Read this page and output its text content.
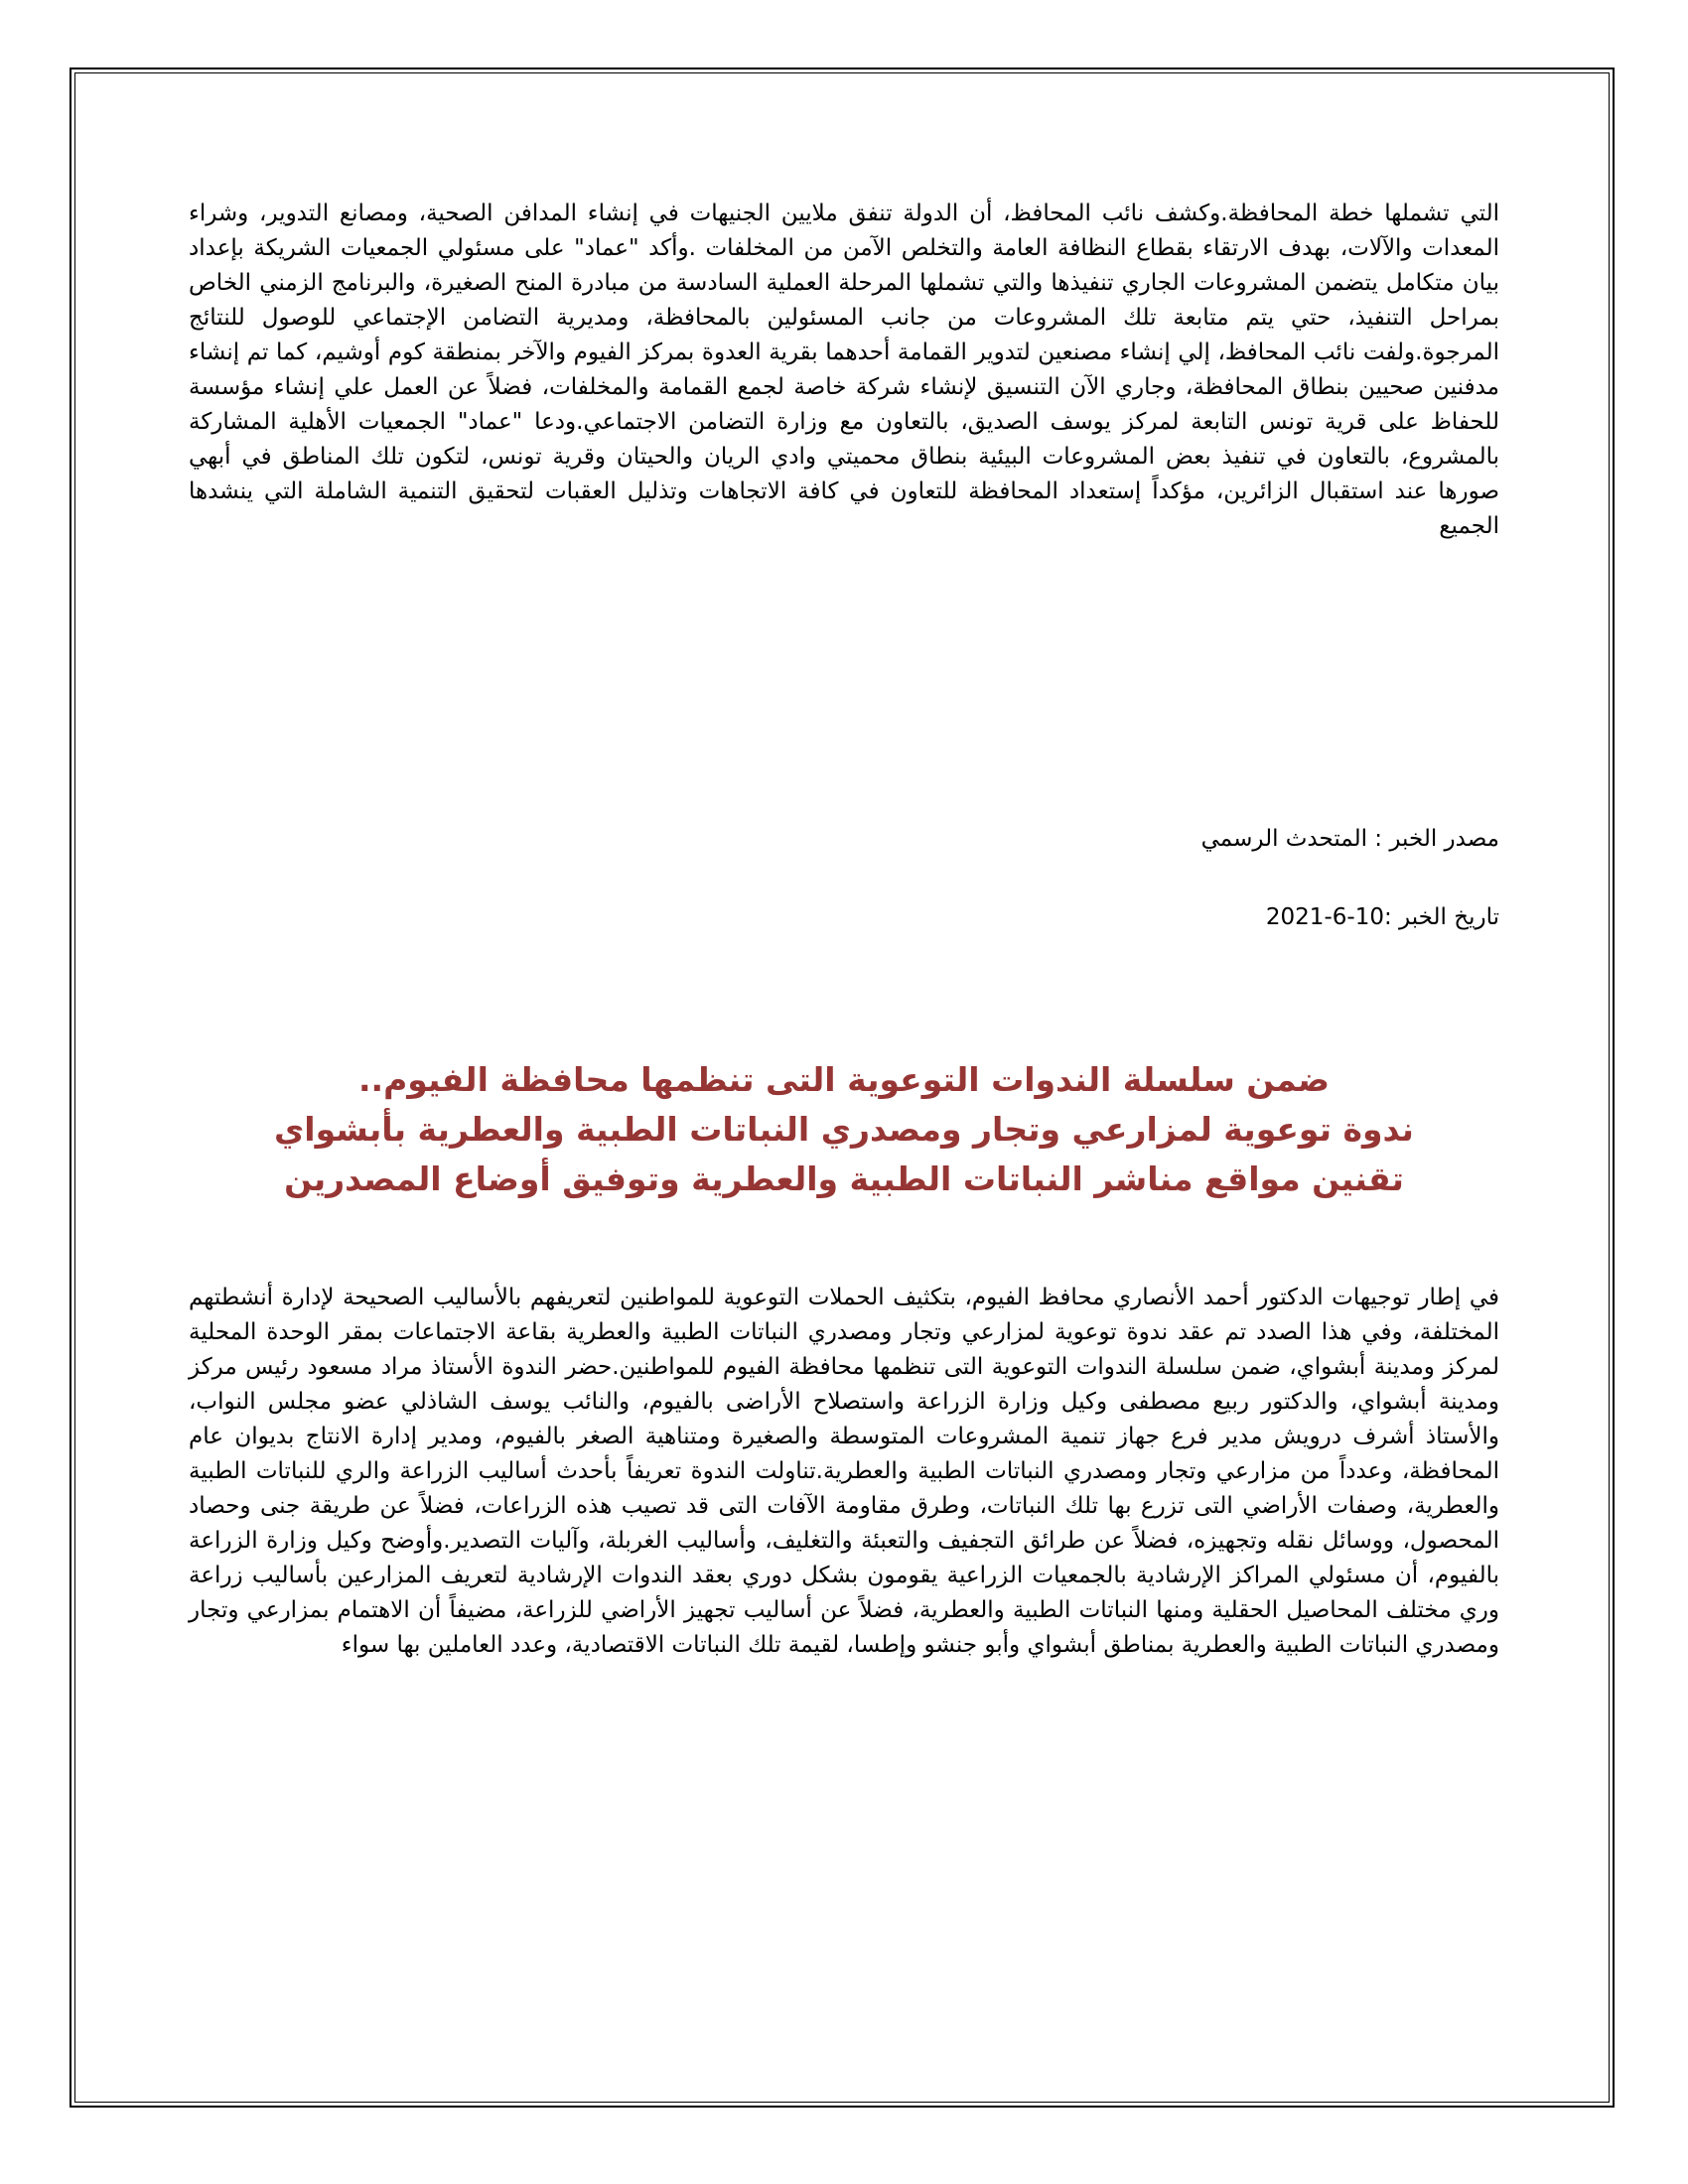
التي تشملها خطة المحافظة.وكشف نائب المحافظ، أن الدولة تنفق ملايين الجنيهات في إنشاء المدافن الصحية، ومصانع التدوير، وشراء المعدات والآلات، بهدف الارتقاء بقطاع النظافة العامة والتخلص الآمن من المخلفات .وأكد "عماد" على مسئولي الجمعيات الشريكة بإعداد بيان متكامل يتضمن المشروعات الجاري تنفيذها والتي تشملها المرحلة العملية السادسة من مبادرة المنح الصغيرة، والبرنامج الزمني الخاص بمراحل التنفيذ، حتي يتم متابعة تلك المشروعات من جانب المسئولين بالمحافظة، ومديرية التضامن الإجتماعي للوصول للنتائج المرجوة.ولفت نائب المحافظ، إلي إنشاء مصنعين لتدوير القمامة أحدهما بقرية العدوة بمركز الفيوم والآخر بمنطقة كوم أوشيم، كما تم إنشاء مدفنين صحيين بنطاق المحافظة، وجاري الآن التنسيق لإنشاء شركة خاصة لجمع القمامة والمخلفات، فضلاً عن العمل علي إنشاء مؤسسة للحفاظ على قرية تونس التابعة لمركز يوسف الصديق، بالتعاون مع وزارة التضامن الاجتماعي.ودعا "عماد" الجمعيات الأهلية المشاركة بالمشروع، بالتعاون في تنفيذ بعض المشروعات البيئية بنطاق محميتي وادي الريان والحيتان وقرية تونس، لتكون تلك المناطق في أبهي صورها عند استقبال الزائرين، مؤكداً إستعداد المحافظة للتعاون في كافة الاتجاهات وتذليل العقبات لتحقيق التنمية الشاملة التي ينشدها الجميع

مصدر الخبر : المتحدث الرسمي

تاريخ الخبر :10-6-2021

ضمن سلسلة الندوات التوعوية التى تنظمها محافظة الفيوم..
ندوة توعوية لمزارعي وتجار ومصدري النباتات الطبية والعطرية بأبشواي
تقنين مواقع مناشر النباتات الطبية والعطرية وتوفيق أوضاع المصدرين

في إطار توجيهات الدكتور أحمد الأنصاري محافظ الفيوم، بتكثيف الحملات التوعوية للمواطنين لتعريفهم بالأساليب الصحيحة لإدارة أنشطتهم المختلفة، وفي هذا الصدد تم عقد ندوة توعوية لمزارعي وتجار ومصدري النباتات الطبية والعطرية بقاعة الاجتماعات بمقر الوحدة المحلية لمركز ومدينة أبشواي، ضمن سلسلة الندوات التوعوية التى تنظمها محافظة الفيوم للمواطنين.حضر الندوة الأستاذ مراد مسعود رئيس مركز ومدينة أبشواي، والدكتور ربيع مصطفى وكيل وزارة الزراعة واستصلاح الأراضى بالفيوم، والنائب يوسف الشاذلي عضو مجلس النواب، والأستاذ أشرف درويش مدير فرع جهاز تنمية المشروعات المتوسطة والصغيرة ومتناهية الصغر بالفيوم، ومدير إدارة الانتاج بديوان عام المحافظة، وعدداً من مزارعي وتجار ومصدري النباتات الطبية والعطرية.تناولت الندوة تعريفاً بأحدث أساليب الزراعة والري للنباتات الطبية والعطرية، وصفات الأراضي التى تزرع بها تلك النباتات، وطرق مقاومة الآفات التى قد تصيب هذه الزراعات، فضلاً عن طريقة جنى وحصاد المحصول، ووسائل نقله وتجهيزه، فضلاً عن طرائق التجفيف والتعبئة والتغليف، وأساليب الغربلة، وآليات التصدير.وأوضح وكيل وزارة الزراعة بالفيوم، أن مسئولي المراكز الإرشادية بالجمعيات الزراعية يقومون بشكل دوري بعقد الندوات الإرشادية لتعريف المزارعين بأساليب زراعة وري مختلف المحاصيل الحقلية ومنها النباتات الطبية والعطرية، فضلاً عن أساليب تجهيز الأراضي للزراعة، مضيفاً أن الاهتمام بمزارعي وتجار ومصدري النباتات الطبية والعطرية بمناطق أبشواي وأبو جنشو وإطسا، لقيمة تلك النباتات الاقتصادية، وعدد العاملين بها سواء
